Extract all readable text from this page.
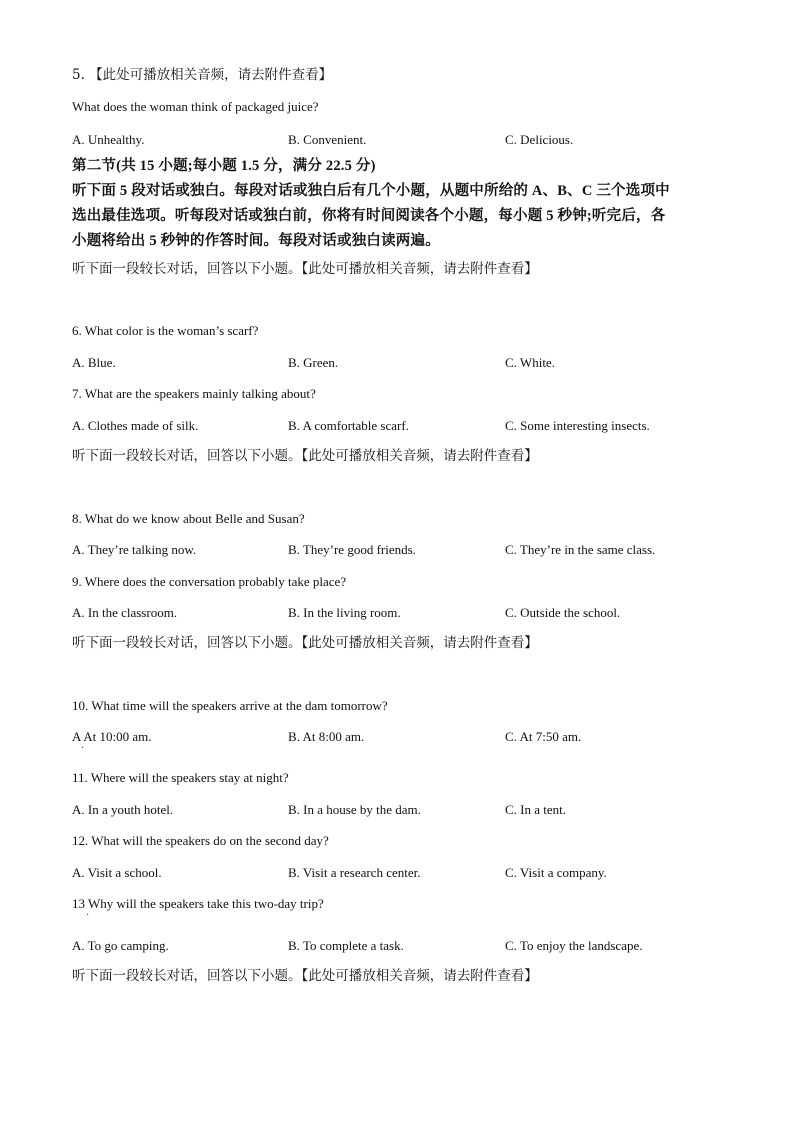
5. 【此处可播放相关音频，请去附件查看】
What does the woman think of packaged juice?
A. Unhealthy.	B. Convenient.	C. Delicious.
第二节(共 15 小题;每小题 1.5 分，满分 22.5 分)
听下面 5 段对话或独白。每段对话或独白后有几个小题，从题中所给的 A、B、C 三个选项中
选出最佳选项。听每段对话或独白前，你将有时间阅读各个小题，每小题 5 秒钟;听完后，各
小题将给出 5 秒钟的作答时间。每段对话或独白读两遍。
听下面一段较长对话，回答以下小题。【此处可播放相关音频，请去附件查看】
6. What color is the woman’s scarf?
A. Blue.	B. Green.	C. White.
7. What are the speakers mainly talking about?
A. Clothes made of silk.	B. A comfortable scarf.	C. Some interesting insects.
听下面一段较长对话，回答以下小题。【此处可播放相关音频，请去附件查看】
8. What do we know about Belle and Susan?
A. They’re talking now.	B. They’re good friends.	C. They’re in the same class.
9. Where does the conversation probably take place?
A. In the classroom.	B. In the living room.	C. Outside the school.
听下面一段较长对话，回答以下小题。【此处可播放相关音频，请去附件查看】
10. What time will the speakers arrive at the dam tomorrow?
A At 10:00 am.	B. At 8:00 am.	C. At 7:50 am.
·
11. Where will the speakers stay at night?
A. In a youth hotel.	B. In a house by the dam.	C. In a tent.
12. What will the speakers do on the second day?
A. Visit a school.	B. Visit a research center.	C. Visit a company.
13 Why will the speakers take this two-day trip?
·
A. To go camping.	B. To complete a task.	C. To enjoy the landscape.
听下面一段较长对话，回答以下小题。【此处可播放相关音频，请去附件查看】
